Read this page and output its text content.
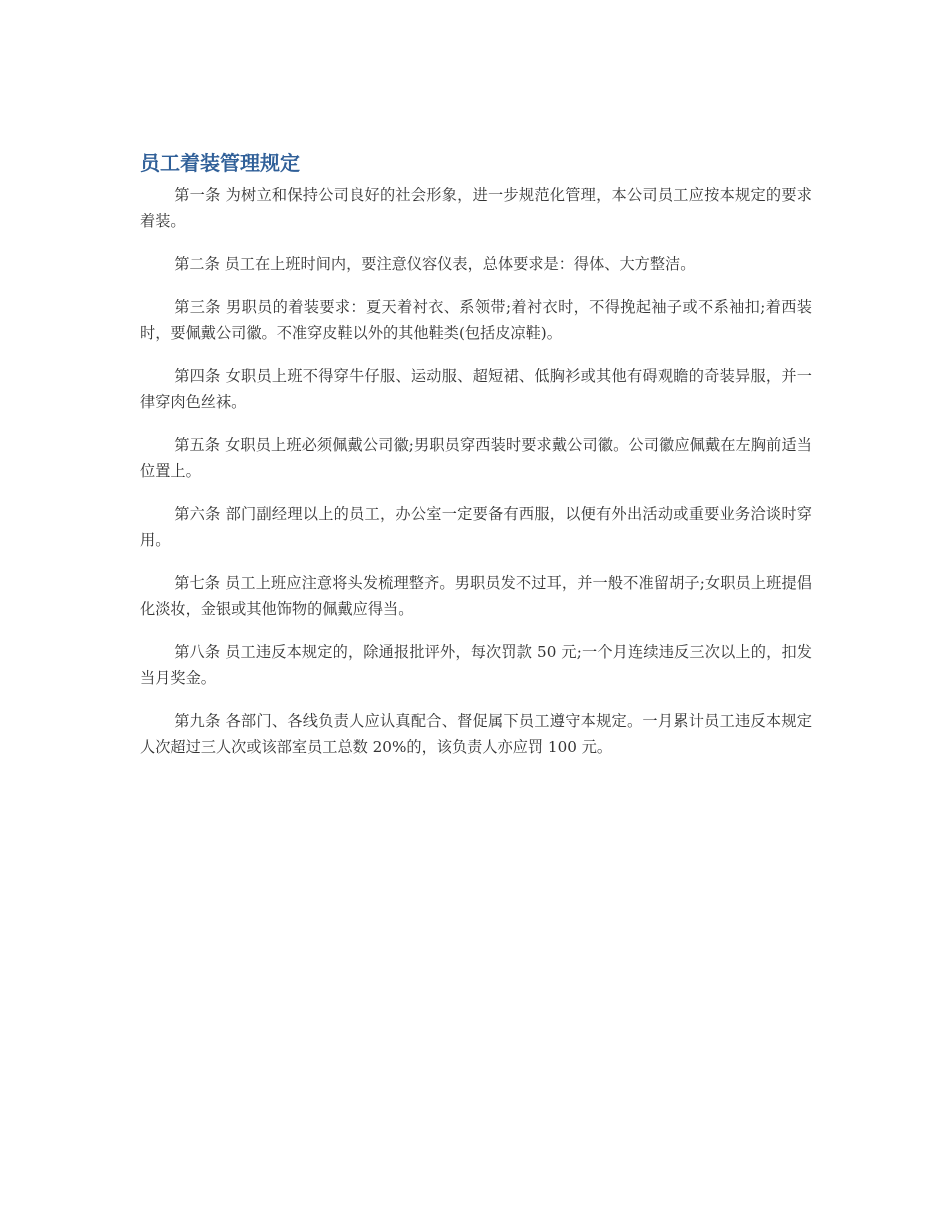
员工着装管理规定

第一条 为树立和保持公司良好的社会形象，进一步规范化管理，本公司员工应按本规定的要求着装。

第二条 员工在上班时间内，要注意仪容仪表，总体要求是：得体、大方整洁。

第三条 男职员的着装要求：夏天着衬衣、系领带;着衬衣时，不得挽起袖子或不系袖扣;着西装时，要佩戴公司徽。不准穿皮鞋以外的其他鞋类(包括皮凉鞋)。

第四条 女职员上班不得穿牛仔服、运动服、超短裙、低胸衫或其他有碍观瞻的奇装异服，并一律穿肉色丝袜。

第五条 女职员上班必须佩戴公司徽;男职员穿西装时要求戴公司徽。公司徽应佩戴在左胸前适当位置上。

第六条 部门副经理以上的员工，办公室一定要备有西服，以便有外出活动或重要业务洽谈时穿用。

第七条 员工上班应注意将头发梳理整齐。男职员发不过耳，并一般不准留胡子;女职员上班提倡化淡妆，金银或其他饰物的佩戴应得当。

第八条 员工违反本规定的，除通报批评外，每次罚款 50 元;一个月连续违反三次以上的，扣发当月奖金。

第九条 各部门、各线负责人应认真配合、督促属下员工遵守本规定。一月累计员工违反本规定人次超过三人次或该部室员工总数 20%的，该负责人亦应罚 100 元。
